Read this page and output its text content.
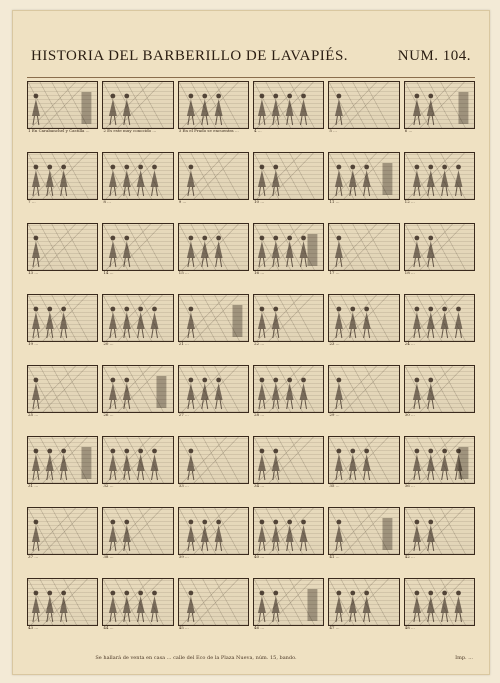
HISTORIA DEL BARBERILLO DE LAVAPIÉS.	NUM. 104.
1 En Carabanchel y Castilla ...	2 Es este muy conocido ...	3 En el Prado se encuentra ...	4 ...	5 ...	6 ...
7 ...	8 ...	9 ...	10 ...	11 ...	12 ...
13 ...	14 ...	15 ...	16 ...	17 ...	18 ...
19 ...	20 ...	21 ...	22 ...	23 ...	24 ...
25 ...	26 ...	27 ...	28 ...	29 ...	30 ...
31 ...	32 ...	33 ...	34 ...	35 ...	36 ...
37 ...	38 ...	39 ...	40 ...	41 ...	42 ...
43 ...	44 ...	45 ...	46 ...	47 ...	48 ...
Se hallará de venta en casa ... calle del Eco de la Plaza Nueva, núm. 15, bando.	Imp. ...
